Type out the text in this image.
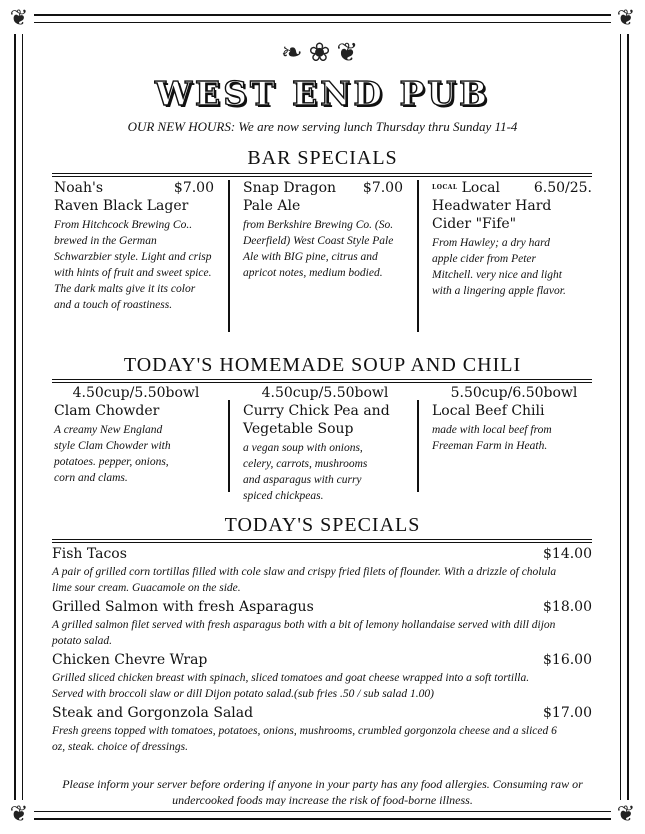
❦	❦
❦	❦
❧❀❦
WEST END PUB
OUR NEW HOURS: We are now serving lunch Thursday thru Sunday 11-4
BAR SPECIALS
Noah's	$7.00
Raven Black Lager
From Hitchcock Brewing Co.. brewed in the German Schwarzbier style. Light and crisp with hints of fruit and sweet spice. The dark malts give it its color and a touch of roastiness.
Snap Dragon $7.00
Pale Ale
from Berkshire Brewing Co. (So. Deerfield) West Coast Style Pale Ale with BIG pine, citrus and apricot notes, medium bodied.
LOCAL Local 6.50/25.
Headwater Hard Cider "Fife"
From Hawley; a dry hard apple cider from Peter Mitchell. very nice and light with a lingering apple flavor.
TODAY'S HOMEMADE SOUP AND CHILI
4.50cup/5.50bowl
Clam Chowder
A creamy New England style Clam Chowder with potatoes. pepper, onions, corn and clams.
4.50cup/5.50bowl
Curry Chick Pea and Vegetable Soup
a vegan soup with onions, celery, carrots, mushrooms and asparagus with curry spiced chickpeas.
5.50cup/6.50bowl
Local Beef Chili
made with local beef from Freeman Farm in Heath.
TODAY'S SPECIALS
Fish Tacos	$14.00
A pair of grilled corn tortillas filled with cole slaw and crispy fried filets of flounder. With a drizzle of cholula lime sour cream. Guacamole on the side.
Grilled Salmon with fresh Asparagus	$18.00
A grilled salmon filet served with fresh asparagus both with a bit of lemony hollandaise served with dill dijon potato salad.
Chicken Chevre Wrap	$16.00
Grilled sliced chicken breast with spinach, sliced tomatoes and goat cheese wrapped into a soft tortilla. Served with broccoli slaw or dill Dijon potato salad.(sub fries .50 / sub salad 1.00)
Steak and Gorgonzola Salad	$17.00
Fresh greens topped with tomatoes, potatoes, onions, mushrooms, crumbled gorgonzola cheese and a sliced 6 oz, steak. choice of dressings.
Please inform your server before ordering if anyone in your party has any food allergies. Consuming raw or undercooked foods may increase the risk of food-borne illness.
